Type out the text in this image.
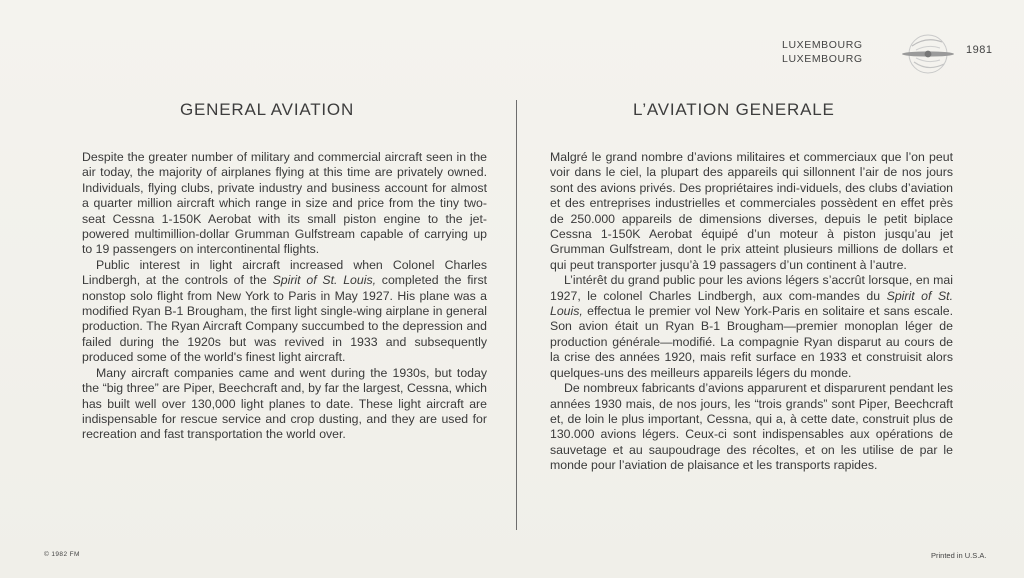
LUXEMBOURG
LUXEMBOURG
1981
GENERAL AVIATION	L’AVIATION GENERALE

Despite the greater number of military and commercial aircraft seen in the air today, the majority of airplanes flying at this time are privately owned. Individuals, flying clubs, private industry and business account for almost a quarter million aircraft which range in size and price from the tiny two-seat Cessna 1-150K Aerobat with its small piston engine to the jet-powered multimillion-dollar Grumman Gulfstream capable of carrying up to 19 passengers on intercontinental flights.

Public interest in light aircraft increased when Colonel Charles Lindbergh, at the controls of the Spirit of St. Louis, completed the first nonstop solo flight from New York to Paris in May 1927. His plane was a modified Ryan B-1 Brougham, the first light single-wing airplane in general production. The Ryan Aircraft Company succumbed to the depression and failed during the 1920s but was revived in 1933 and subsequently produced some of the world's finest light aircraft.

Many aircraft companies came and went during the 1930s, but today the “big three” are Piper, Beechcraft and, by far the largest, Cessna, which has built well over 130,000 light planes to date. These light aircraft are indispensable for rescue service and crop dusting, and they are used for recreation and fast transportation the world over.

Malgré le grand nombre d’avions militaires et commerciaux que l’on peut voir dans le ciel, la plupart des appareils qui sillonnent l’air de nos jours sont des avions privés. Des propriétaires indi-viduels, des clubs d’aviation et des entreprises industrielles et commerciales possèdent en effet près de 250.000 appareils de dimensions diverses, depuis le petit biplace Cessna 1-150K Aerobat équipé d’un moteur à piston jusqu’au jet Grumman Gulfstream, dont le prix atteint plusieurs millions de dollars et qui peut transporter jusqu’à 19 passagers d’un continent à l’autre.

L’intérêt du grand public pour les avions légers s’accrût lorsque, en mai 1927, le colonel Charles Lindbergh, aux com-mandes du Spirit of St. Louis, effectua le premier vol New York-Paris en solitaire et sans escale. Son avion était un Ryan B-1 Brougham—premier monoplan léger de production générale—modifié. La compagnie Ryan disparut au cours de la crise des années 1920, mais refit surface en 1933 et construisit alors quelques-uns des meilleurs appareils légers du monde.

De nombreux fabricants d’avions apparurent et disparurent pendant les années 1930 mais, de nos jours, les “trois grands” sont Piper, Beechcraft et, de loin le plus important, Cessna, qui a, à cette date, construit plus de 130.000 avions légers. Ceux-ci sont indispensables aux opérations de sauvetage et au saupoudrage des récoltes, et on les utilise de par le monde pour l’aviation de plaisance et les transports rapides.

© 1982 FM	Printed in U.S.A.
